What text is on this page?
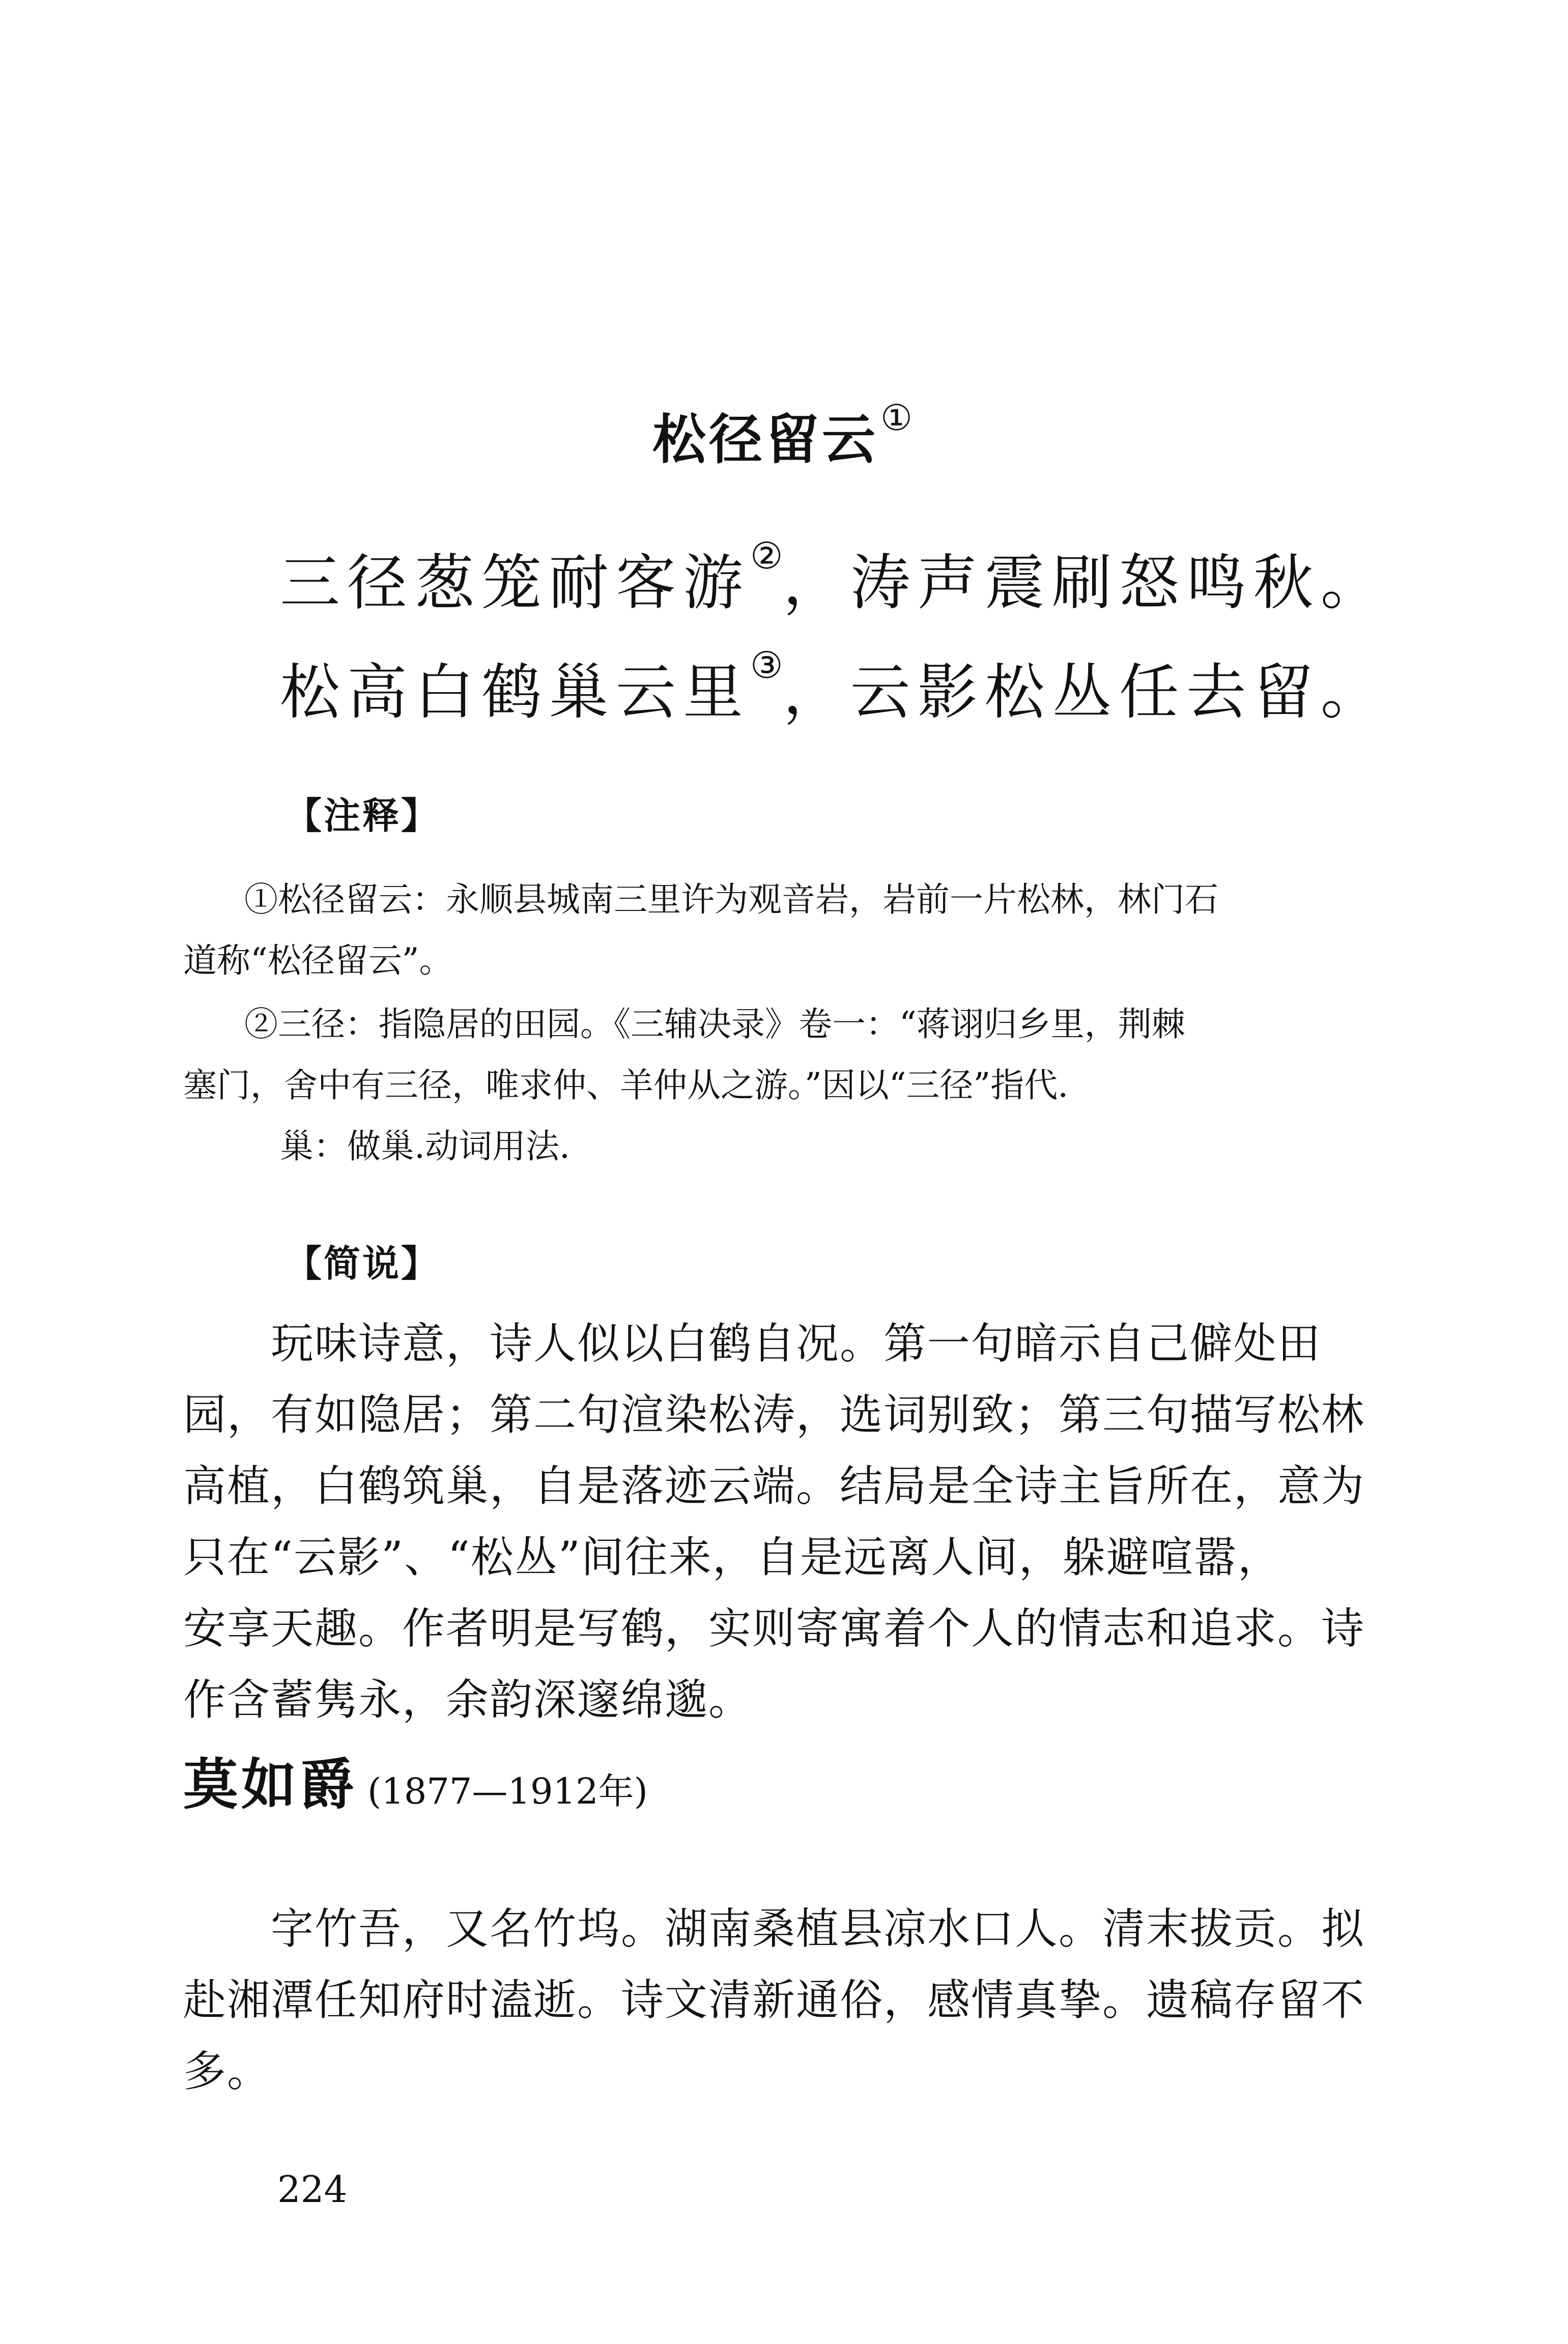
松径留云①
三径葱笼耐客游②，涛声震刷怒鸣秋。
松高白鹤巢云里③，云影松丛任去留。
【注释】
①松径留云：永顺县城南三里许为观音岩，岩前一片松林，林门石
道称“松径留云”。
②三径：指隐居的田园。《三辅决录》卷一：“蒋诩归乡里，荆棘
塞门，舍中有三径，唯求仲、羊仲从之游。”因以“三径”指代.
巢：做巢.动词用法.
【简说】

　　玩味诗意，诗人似以白鹤自况。第一句暗示自己僻处田

园，有如隐居；第二句渲染松涛，选词别致；第三句描写松林

高植，白鹤筑巢，自是落迹云端。结局是全诗主旨所在，意为

只在“云影”、“松丛”间往来，自是远离人间，躲避喧嚣，

安享天趣。作者明是写鹤，实则寄寓着个人的情志和追求。诗

作含蓄隽永，余韵深邃绵邈。

莫如爵 (1877—1912年)

　　字竹吾，又名竹坞。湖南桑植县凉水口人。清末拔贡。拟

赴湘潭任知府时溘逝。诗文清新通俗，感情真挚。遗稿存留不

多。

224
